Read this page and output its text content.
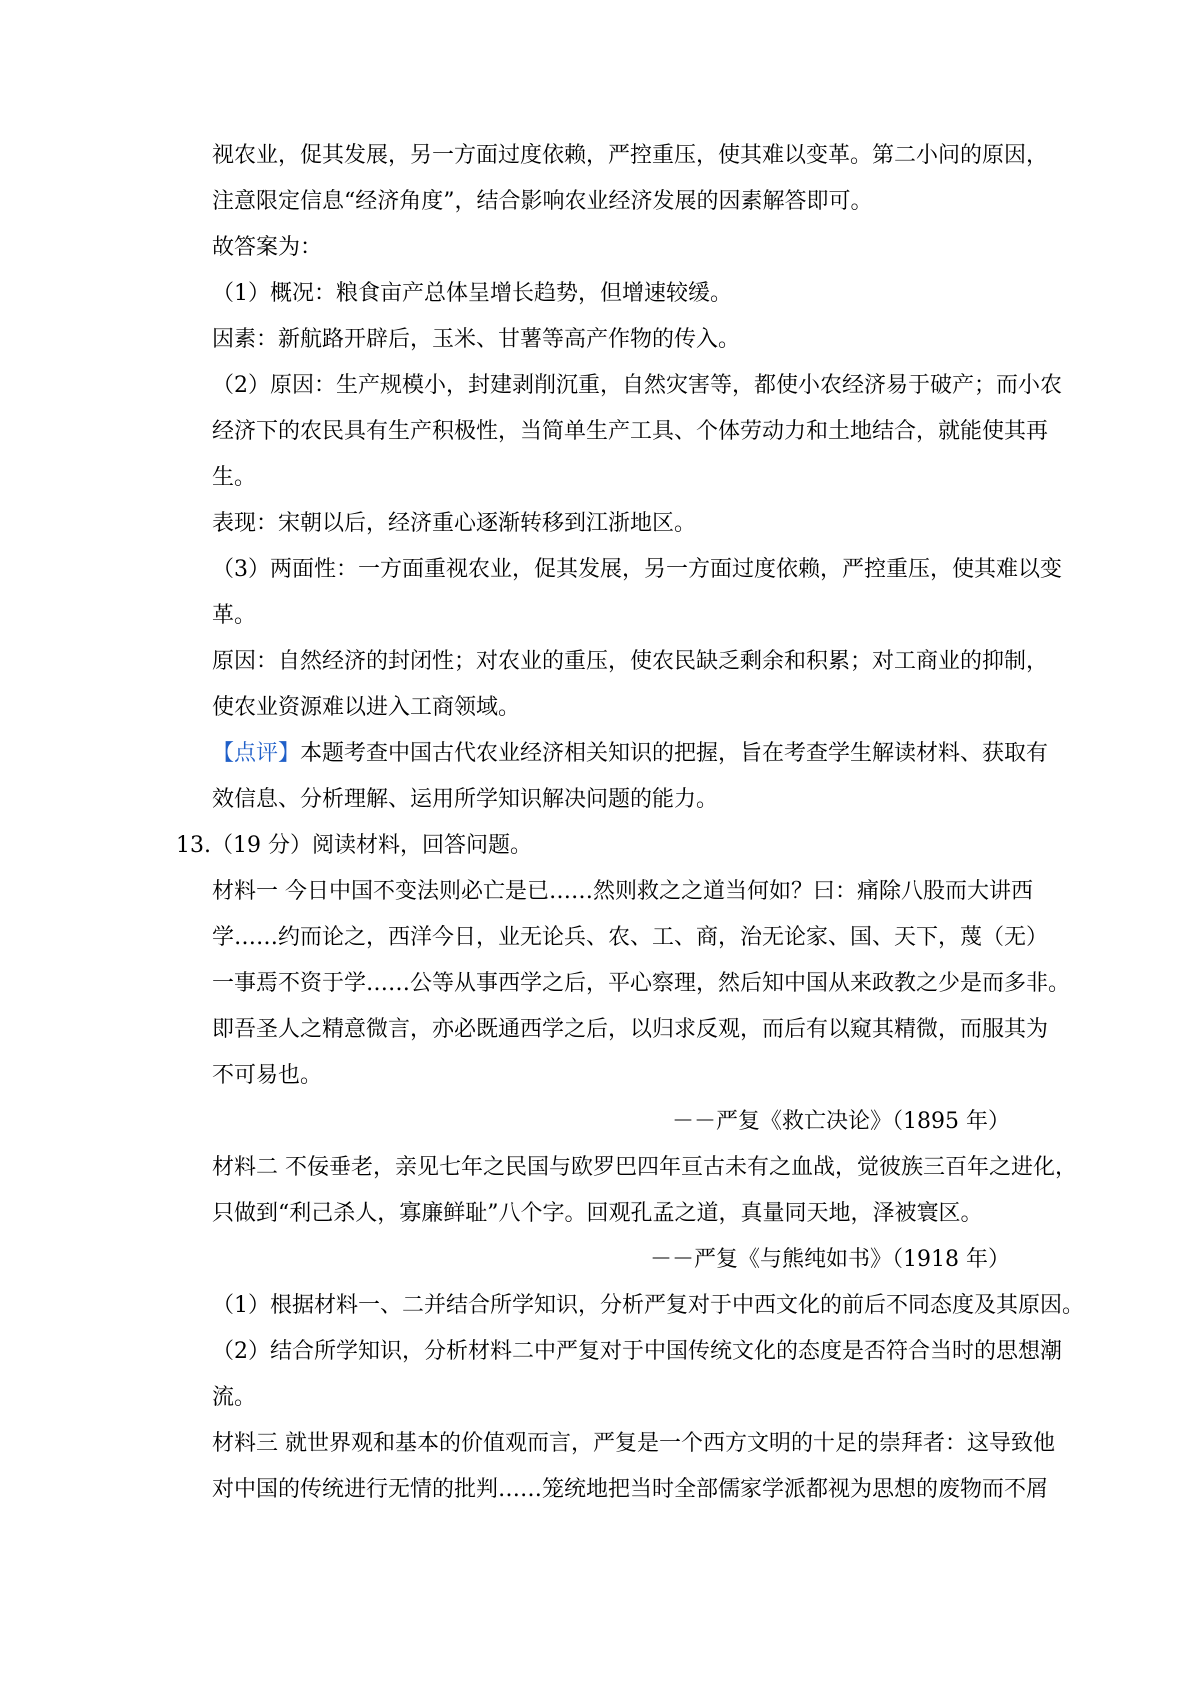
视农业，促其发展，另一方面过度依赖，严控重压，使其难以变革。第二小问的原因，
注意限定信息“经济角度”，结合影响农业经济发展的因素解答即可。
故答案为：
（1）概况：粮食亩产总体呈增长趋势，但增速较缓。
因素：新航路开辟后，玉米、甘薯等高产作物的传入。
（2）原因：生产规模小，封建剥削沉重，自然灾害等，都使小农经济易于破产；而小农
经济下的农民具有生产积极性，当简单生产工具、个体劳动力和土地结合，就能使其再
生。
表现：宋朝以后，经济重心逐渐转移到江浙地区。
（3）两面性：一方面重视农业，促其发展，另一方面过度依赖，严控重压，使其难以变
革。
原因：自然经济的封闭性；对农业的重压，使农民缺乏剩余和积累；对工商业的抑制，
使农业资源难以进入工商领域。
【点评】本题考查中国古代农业经济相关知识的把握，旨在考查学生解读材料、获取有
效信息、分析理解、运用所学知识解决问题的能力。
13.（19 分）阅读材料，回答问题。
材料一 今日中国不变法则必亡是已……然则救之之道当何如？曰：痛除八股而大讲西
学……约而论之，西洋今日，业无论兵、农、工、商，治无论家、国、天下，蔑（无）
一事焉不资于学……公等从事西学之后，平心察理，然后知中国从来政教之少是而多非。
即吾圣人之精意微言，亦必既通西学之后，以归求反观，而后有以窥其精微，而服其为
不可易也。
－－严复《救亡决论》（1895 年）
材料二 不佞垂老，亲见七年之民国与欧罗巴四年亘古未有之血战，觉彼族三百年之进化，
只做到“利己杀人，寡廉鲜耻”八个字。回观孔孟之道，真量同天地，泽被寰区。
－－严复《与熊纯如书》（1918 年）
（1）根据材料一、二并结合所学知识，分析严复对于中西文化的前后不同态度及其原因。
（2）结合所学知识，分析材料二中严复对于中国传统文化的态度是否符合当时的思想潮
流。
材料三 就世界观和基本的价值观而言，严复是一个西方文明的十足的崇拜者：这导致他
对中国的传统进行无情的批判……笼统地把当时全部儒家学派都视为思想的废物而不屑
